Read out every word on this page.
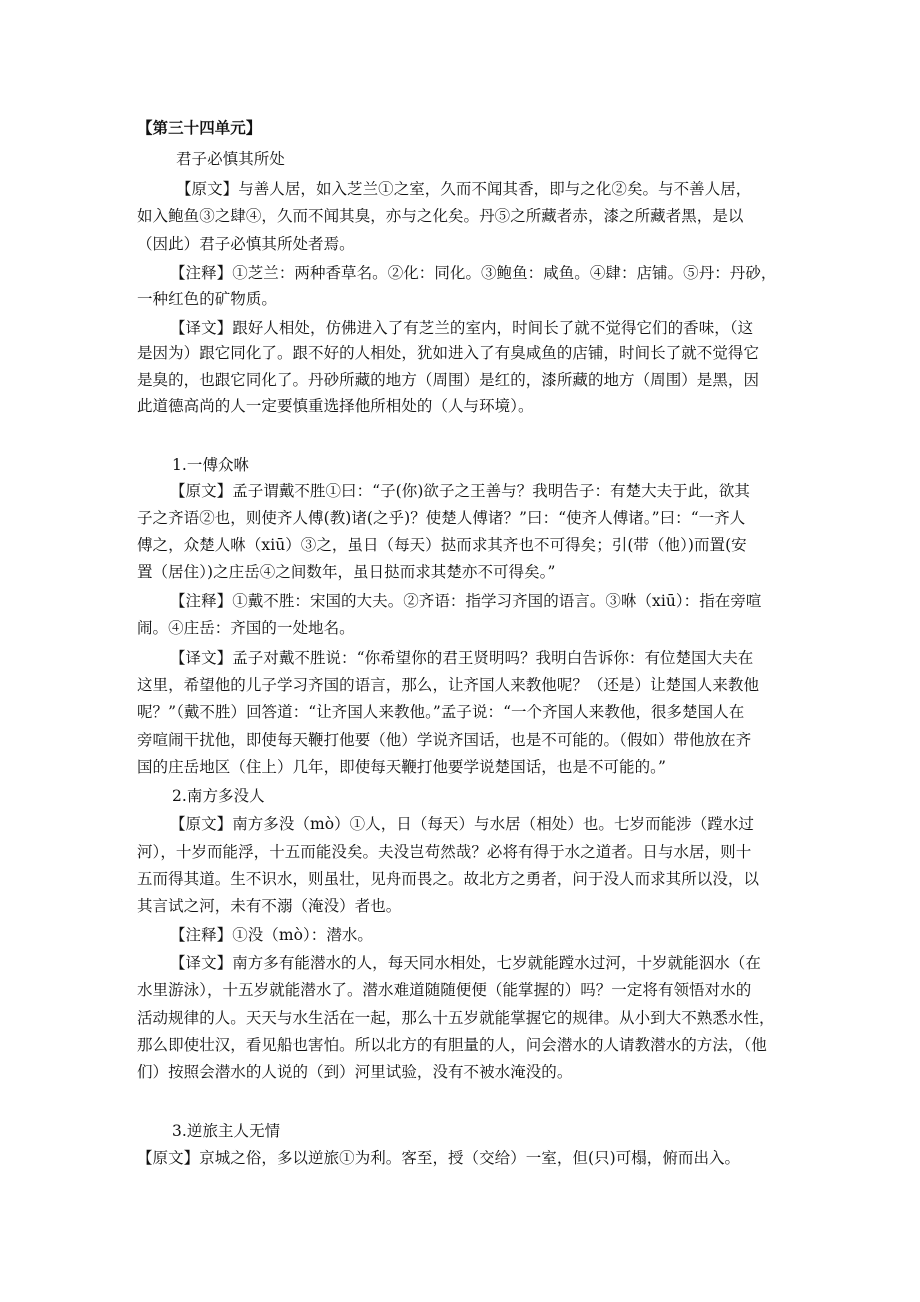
【第三十四单元】
君子必慎其所处
【原文】与善人居，如入芝兰①之室，久而不闻其香，即与之化②矣。与不善人居，
如入鲍鱼③之肆④，久而不闻其臭，亦与之化矣。丹⑤之所藏者赤，漆之所藏者黑，是以
（因此）君子必慎其所处者焉。
【注释】①芝兰：两种香草名。②化：同化。③鲍鱼：咸鱼。④肆：店铺。⑤丹：丹砂，
一种红色的矿物质。
【译文】跟好人相处，仿佛进入了有芝兰的室内，时间长了就不觉得它们的香味，（这
是因为）跟它同化了。跟不好的人相处，犹如进入了有臭咸鱼的店铺，时间长了就不觉得它
是臭的，也跟它同化了。丹砂所藏的地方（周围）是红的，漆所藏的地方（周围）是黑，因
此道德高尚的人一定要慎重选择他所相处的（人与环境）。
1.一傅众咻
【原文】孟子谓戴不胜①曰：“子(你)欲子之王善与？我明告子：有楚大夫于此，欲其
子之齐语②也，则使齐人傅(教)诸(之乎)？使楚人傅诸？”曰：“使齐人傅诸。”曰：“一齐人
傅之，众楚人咻（xiū）③之，虽日（每天）挞而求其齐也不可得矣；引(带（他）)而置(安
置（居住）)之庄岳④之间数年，虽日挞而求其楚亦不可得矣。”
【注释】①戴不胜：宋国的大夫。②齐语：指学习齐国的语言。③咻（xiū）：指在旁喧
闹。④庄岳：齐国的一处地名。
【译文】孟子对戴不胜说：“你希望你的君王贤明吗？我明白告诉你：有位楚国大夫在
这里，希望他的儿子学习齐国的语言，那么，让齐国人来教他呢？（还是）让楚国人来教他
呢？”（戴不胜）回答道：“让齐国人来教他。”孟子说：“一个齐国人来教他，很多楚国人在
旁喧闹干扰他，即使每天鞭打他要（他）学说齐国话，也是不可能的。（假如）带他放在齐
国的庄岳地区（住上）几年，即使每天鞭打他要学说楚国话，也是不可能的。”
2.南方多没人
【原文】南方多没（mò）①人，日（每天）与水居（相处）也。七岁而能涉（蹚水过
河），十岁而能浮，十五而能没矣。夫没岂苟然哉？必将有得于水之道者。日与水居，则十
五而得其道。生不识水，则虽壮，见舟而畏之。故北方之勇者，问于没人而求其所以没，以
其言试之河，未有不溺（淹没）者也。
【注释】①没（mò）：潜水。
【译文】南方多有能潜水的人，每天同水相处，七岁就能蹚水过河，十岁就能泅水（在
水里游泳），十五岁就能潜水了。潜水难道随随便便（能掌握的）吗？一定将有领悟对水的
活动规律的人。天天与水生活在一起，那么十五岁就能掌握它的规律。从小到大不熟悉水性，
那么即使壮汉，看见船也害怕。所以北方的有胆量的人，问会潜水的人请教潜水的方法，（他
们）按照会潜水的人说的（到）河里试验，没有不被水淹没的。
3.逆旅主人无情
【原文】京城之俗，多以逆旅①为利。客至，授（交给）一室，但(只)可榻，俯而出入。
